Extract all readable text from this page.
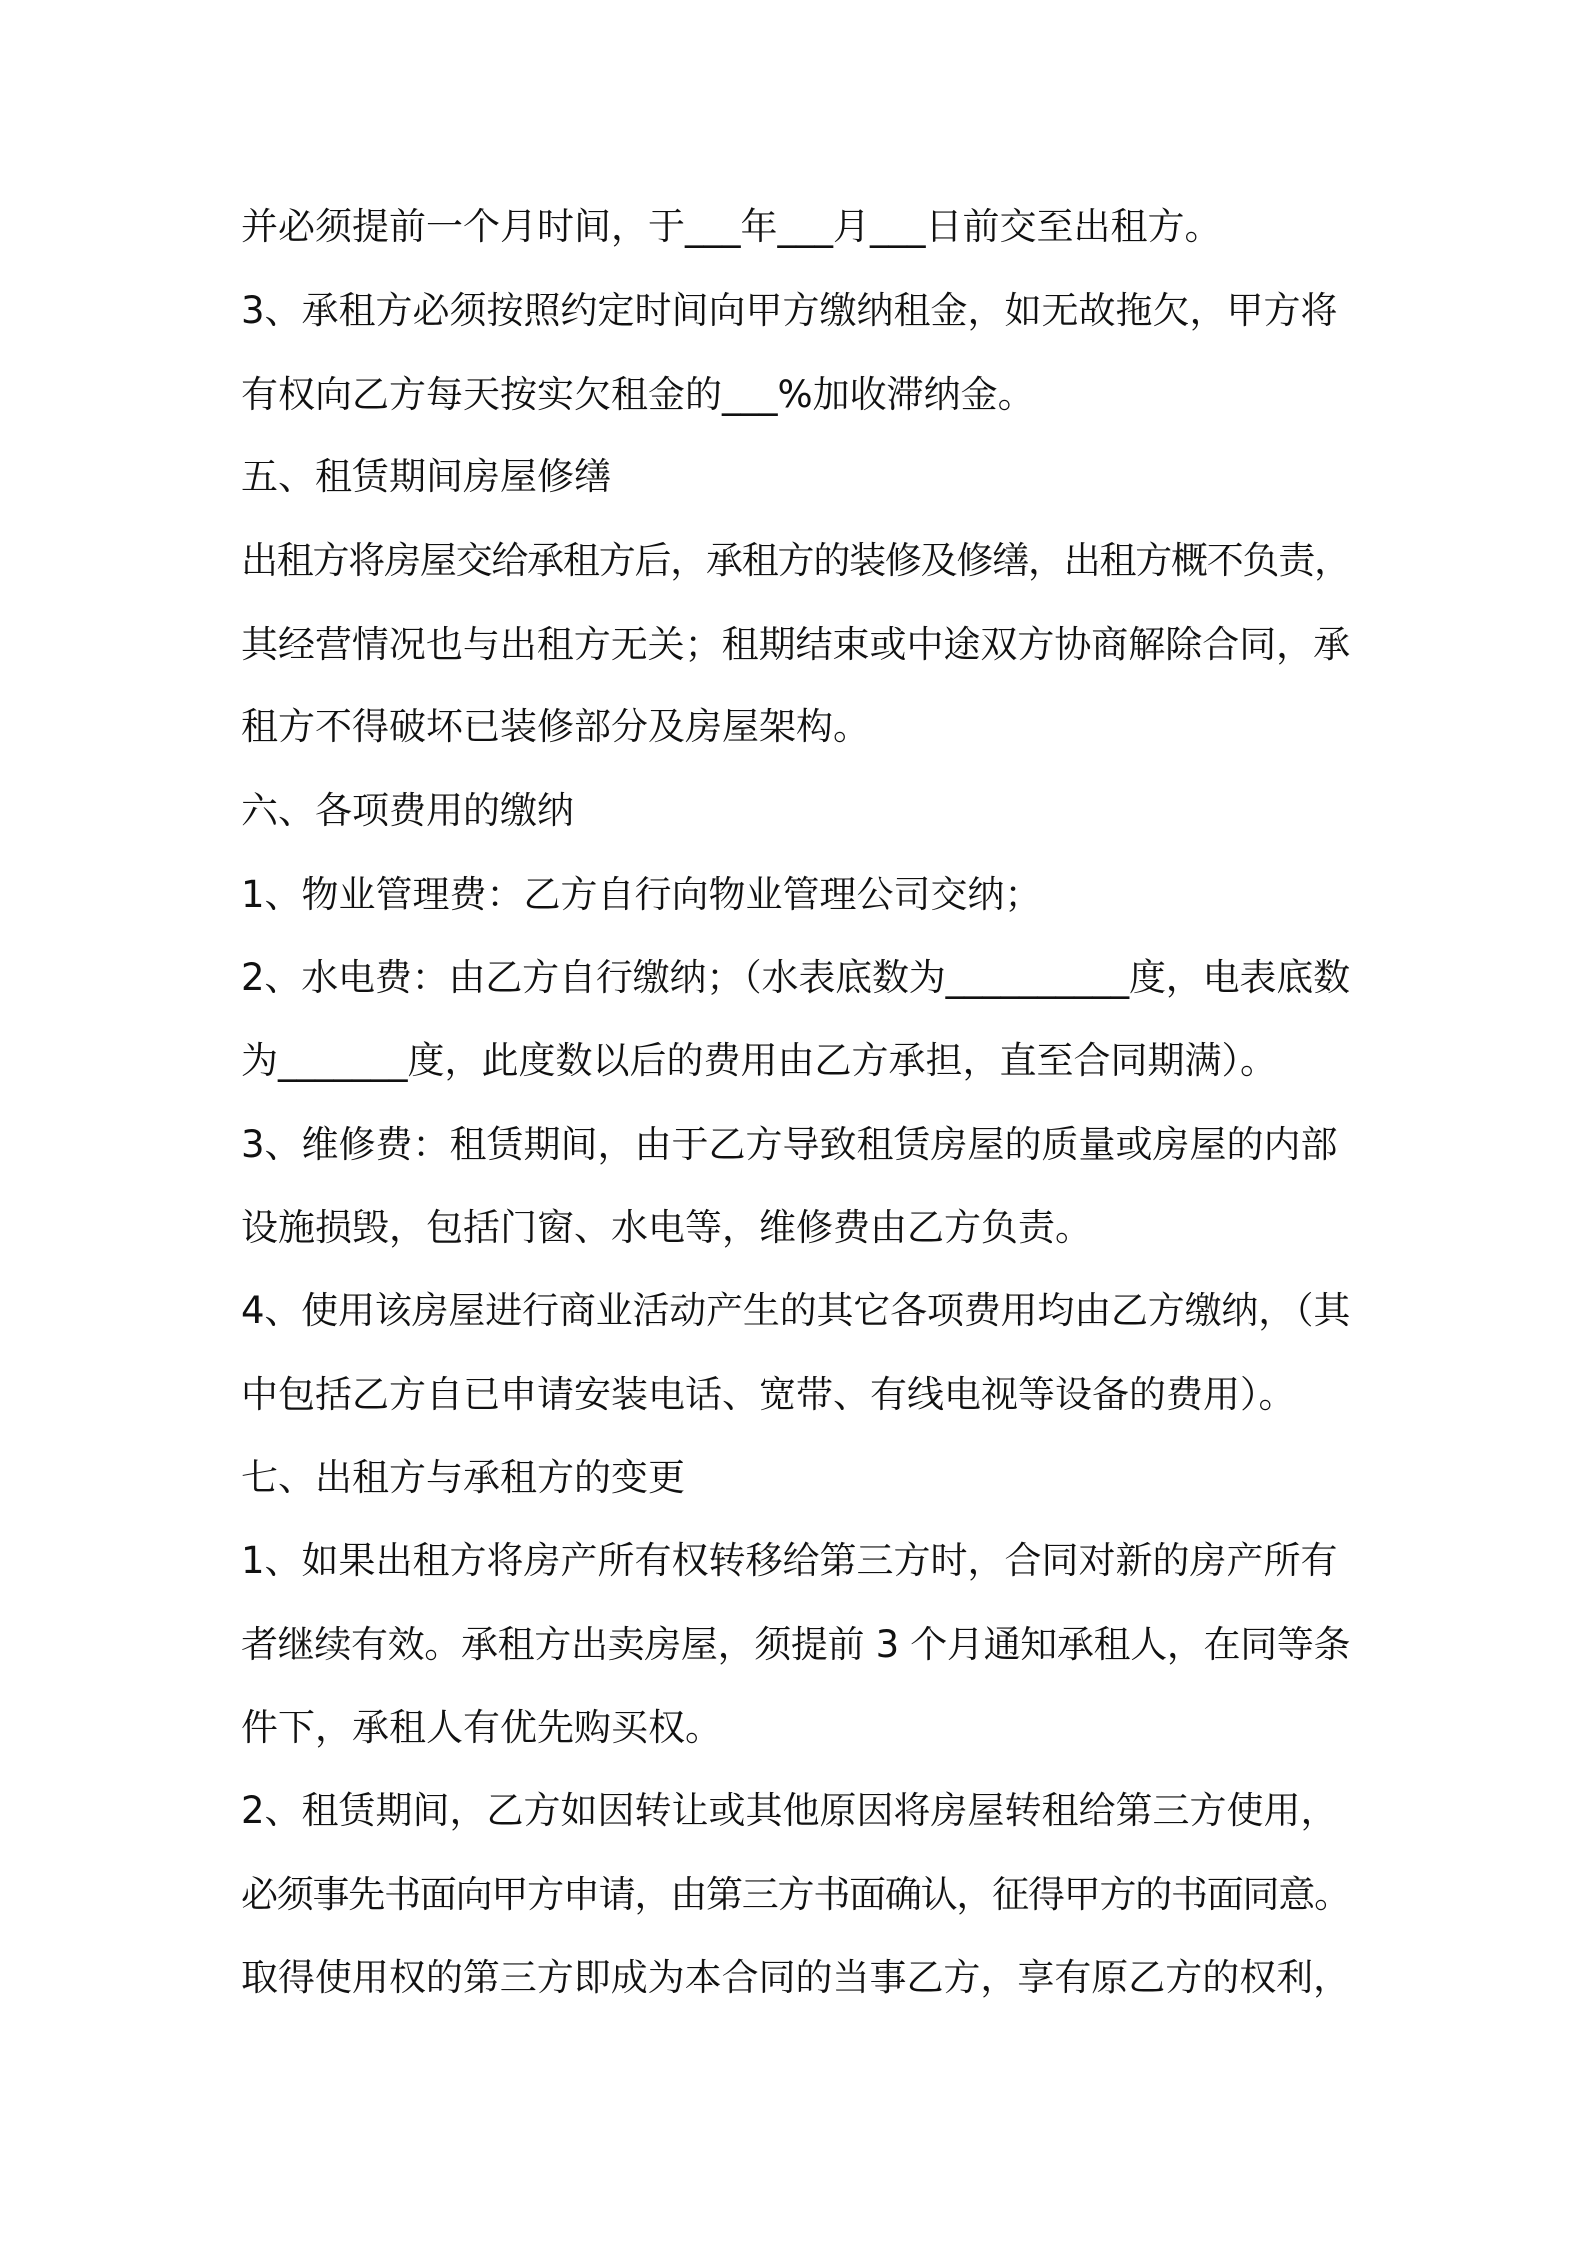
并必须提前一个月时间，于___年___月___日前交至出租方。

3、承租方必须按照约定时间向甲方缴纳租金，如无故拖欠，甲方将

有权向乙方每天按实欠租金的___%加收滞纳金。

五、租赁期间房屋修缮

出租方将房屋交给承租方后，承租方的装修及修缮，出租方概不负责，

其经营情况也与出租方无关；租期结束或中途双方协商解除合同，承

租方不得破坏已装修部分及房屋架构。

六、各项费用的缴纳

1、物业管理费：乙方自行向物业管理公司交纳；

2、水电费：由乙方自行缴纳；（水表底数为__________度，电表底数

为_______度，此度数以后的费用由乙方承担，直至合同期满）。

3、维修费：租赁期间，由于乙方导致租赁房屋的质量或房屋的内部

设施损毁，包括门窗、水电等，维修费由乙方负责。

4、使用该房屋进行商业活动产生的其它各项费用均由乙方缴纳，（其

中包括乙方自已申请安装电话、宽带、有线电视等设备的费用）。

七、出租方与承租方的变更

1、如果出租方将房产所有权转移给第三方时，合同对新的房产所有

者继续有效。承租方出卖房屋，须提前 3 个月通知承租人，在同等条

件下，承租人有优先购买权。

2、租赁期间，乙方如因转让或其他原因将房屋转租给第三方使用，

必须事先书面向甲方申请，由第三方书面确认，征得甲方的书面同意。

取得使用权的第三方即成为本合同的当事乙方，享有原乙方的权利，
